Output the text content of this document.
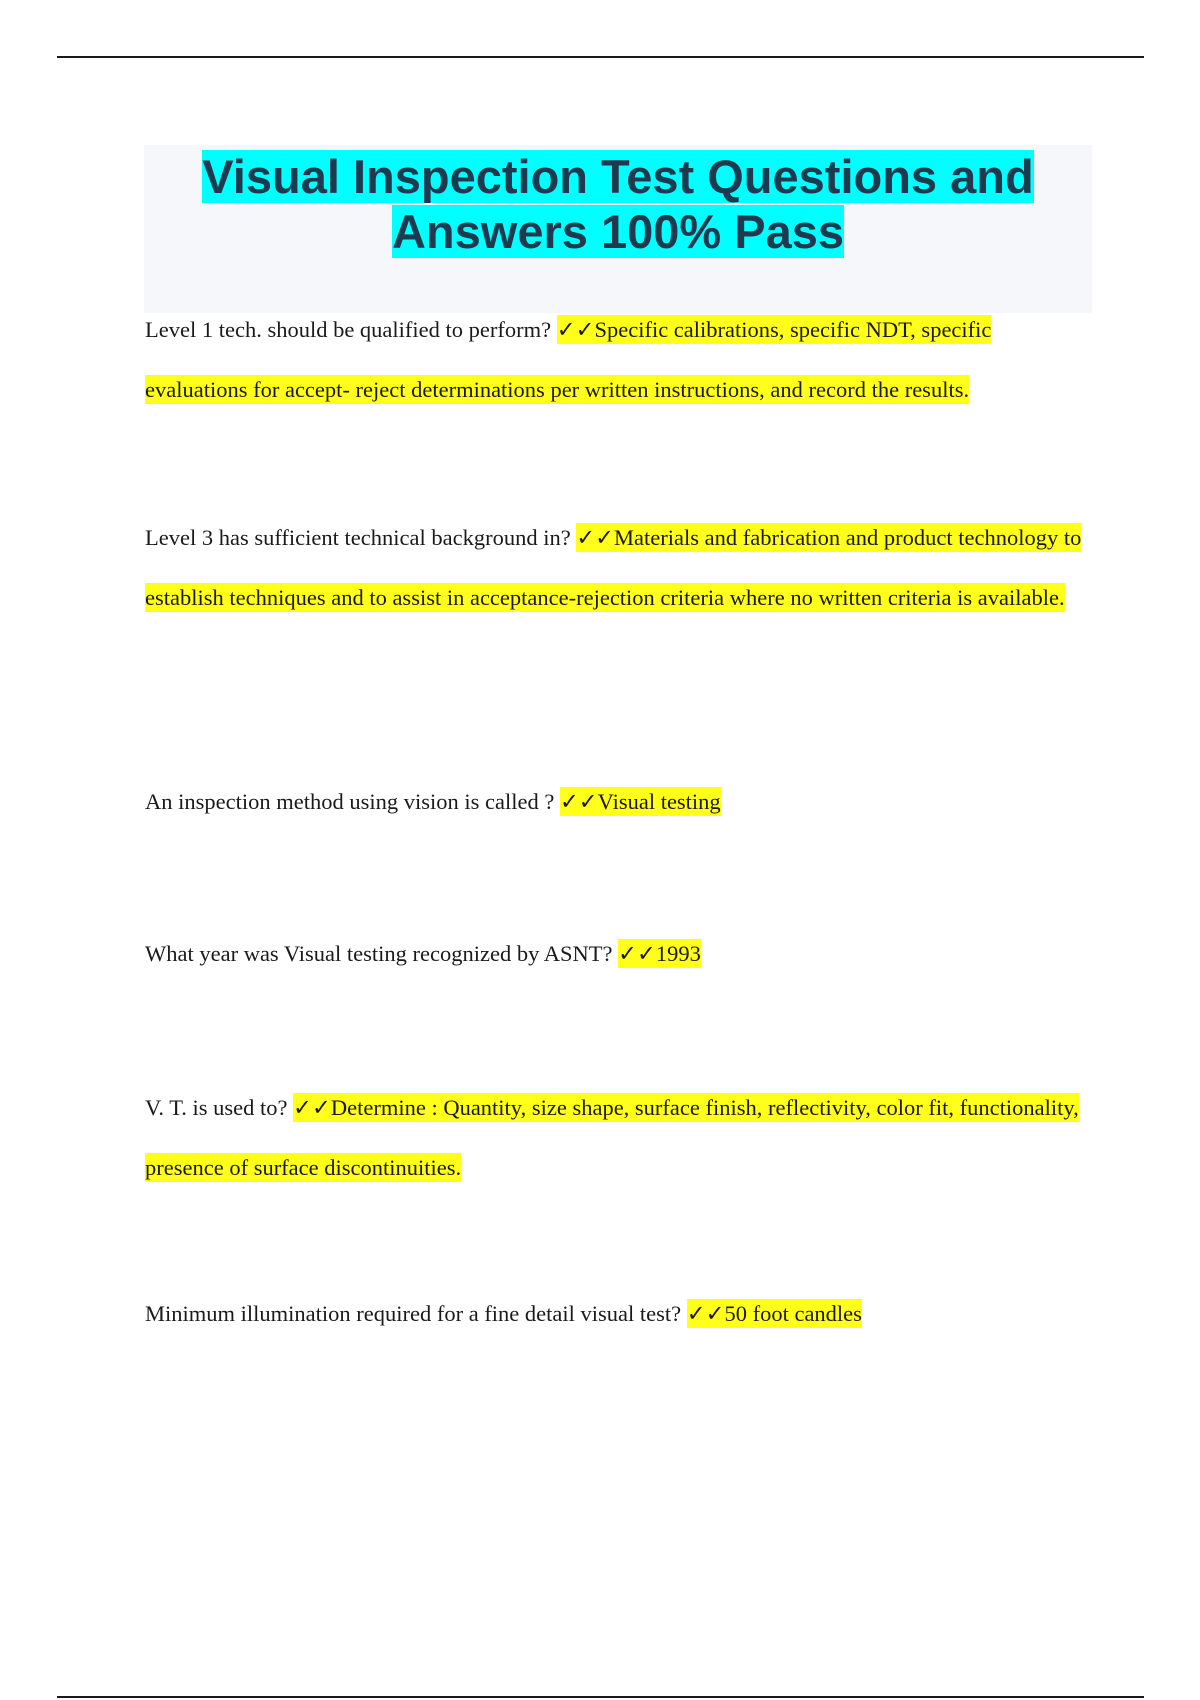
Visual Inspection Test Questions and Answers 100% Pass

Level 1 tech. should be qualified to perform? ✓✓Specific calibrations, specific NDT, specific evaluations for accept- reject determinations per written instructions, and record the results.

Level 3 has sufficient technical background in? ✓✓Materials and fabrication and product technology to establish techniques and to assist in acceptance-rejection criteria where no written criteria is available.

An inspection method using vision is called ? ✓✓Visual testing

What year was Visual testing recognized by ASNT? ✓✓1993

V. T. is used to? ✓✓Determine : Quantity, size shape, surface finish, reflectivity, color fit, functionality, presence of surface discontinuities.

Minimum illumination required for a fine detail visual test? ✓✓50 foot candles
